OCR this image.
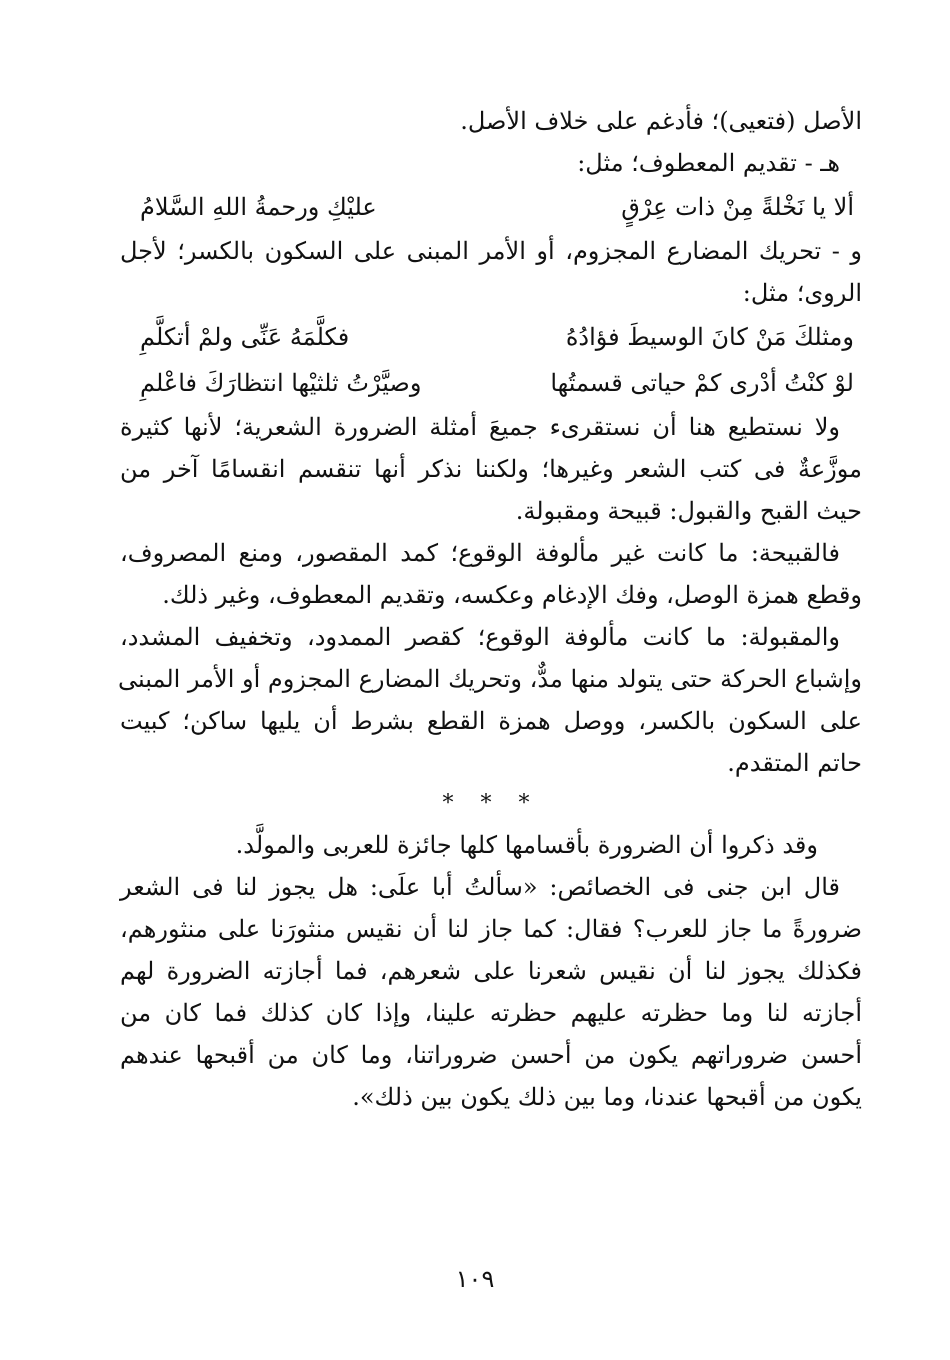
الأصل (فتعيى)؛ فأدغم على خلاف الأصل.
هـ - تقديم المعطوف؛ مثل:
ألا يا نَخْلةً مِنْ ذات عِرْقٍ
عليْكِ ورحمةُ اللهِ السَّلامُ
و - تحريك المضارع المجزوم، أو الأمر المبنى على السكون بالكسر؛ لأجل
الروى؛ مثل:
ومثلكَ مَنْ كانَ الوسيطَ فؤادُهُ
فكلَّمَهُ عَنِّى ولمْ أتكلَّمِ
لوْ كنْتُ أدْرى كمْ حياتى قسمتُها
وصيَّرْتُ ثلثيْها انتظارَكَ فاعْلمِ
ولا نستطيع هنا أن نستقرىء جميعَ أمثلة الضرورة الشعرية؛ لأنها كثيرة
موزَّعةٌ فى كتب الشعر وغيرها؛ ولكننا نذكر أنها تنقسم انقسامًا آخر من
حيث القبح والقبول: قبيحة ومقبولة.
فالقبيحة: ما كانت غير مألوفة الوقوع؛ كمد المقصور، ومنع المصروف،
وقطع همزة الوصل، وفك الإدغام وعكسه، وتقديم المعطوف، وغير ذلك.
والمقبولة: ما كانت مألوفة الوقوع؛ كقصر الممدود، وتخفيف المشدد،
وإشباع الحركة حتى يتولد منها مدٌّ، وتحريك المضارع المجزوم أو الأمر المبنى
على السكون بالكسر، ووصل همزة القطع بشرط أن يليها ساكن؛ كبيت
حاتم المتقدم.
* * *
وقد ذكروا أن الضرورة بأقسامها كلها جائزة للعربى والمولَّد.
قال ابن جنى فى الخصائص: «سألتُ أبا علَى: هل يجوز لنا فى الشعر
ضرورةً ما جاز للعرب؟ فقال: كما جاز لنا أن نقيس منثورَنا على منثورهم،
فكذلك يجوز لنا أن نقيس شعرنا على شعرهم، فما أجازته الضرورة لهم
أجازته لنا وما حظرته عليهم حظرته علينا، وإذا كان كذلك فما كان من
أحسن ضروراتهم يكون من أحسن ضروراتنا، وما كان من أقبحها عندهم
يكون من أقبحها عندنا، وما بين ذلك يكون بين ذلك».
١٠٩
